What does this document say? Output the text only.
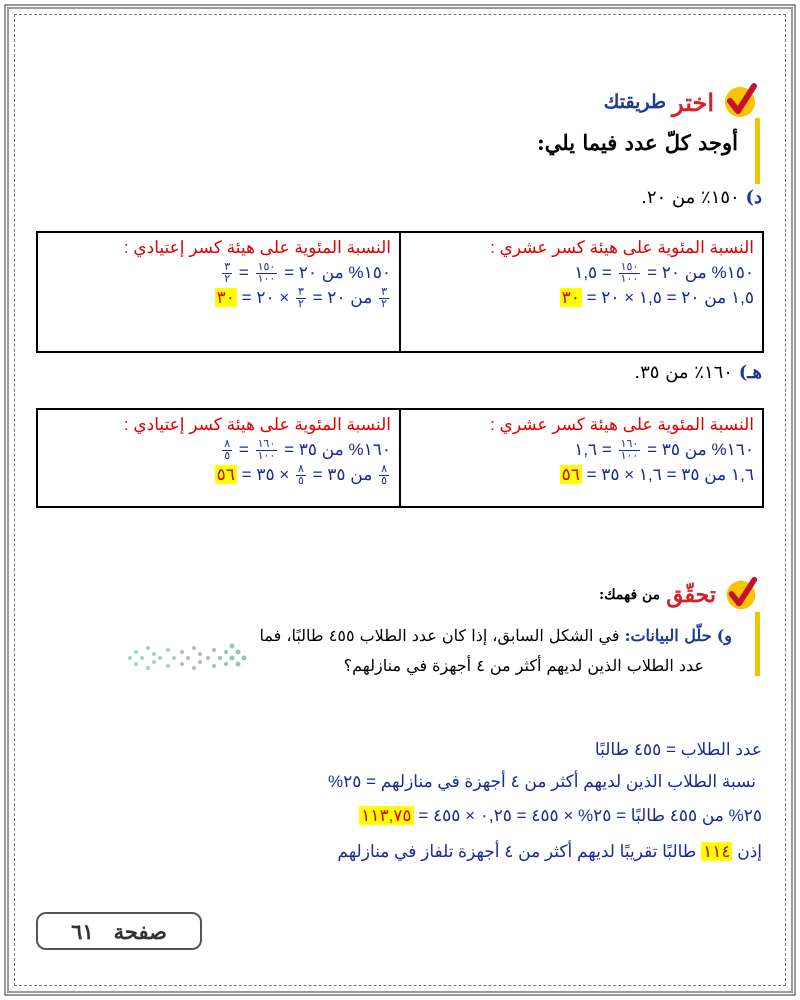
اختر
طريقتك
أوجد كلّ عدد فيما يلي:
د) ١٥٠٪ من ٢٠.
النسبة المئوية على هيئة كسر عشري :
١٥٠% من ٢٠ =
$\frac{١٥٠}{١٠٠}$
= ١,٥
١,٥ من ٢٠ = ١,٥ × ٢٠ = ٣٠

النسبة المئوية على هيئة كسر إعتيادي :
١٥٠% من ٢٠ =
$\frac{١٥٠}{١٠٠}$
=
$\frac{٣}{٢}$
$\frac{٣}{٢}$
من ٢٠ =
$\frac{٣}{٢}$
× ٢٠ = ٣٠
هـ) ١٦٠٪ من ٣٥.
النسبة المئوية على هيئة كسر عشري :
١٦٠% من ٣٥ =
$\frac{١٦٠}{١٠٠}$
= ١,٦
١,٦ من ٣٥ = ١,٦ × ٣٥ = ٥٦

النسبة المئوية على هيئة كسر إعتيادي :
١٦٠% من ٣٥ =
$\frac{١٦٠}{١٠٠}$
=
$\frac{٨}{٥}$
$\frac{٨}{٥}$
من ٣٥ =
$\frac{٨}{٥}$
× ٣٥ = ٥٦
تحقّق
من فهمك:
و) حلّل البيانات: في الشكل السابق، إذا كان عدد الطلاب ٤٥٥ طالبًا، فما
عدد الطلاب الذين لديهم أكثر من ٤ أجهزة في منازلهم؟
عدد الطلاب = ٤٥٥ طالبًا
نسبة الطلاب الذين لديهم أكثر من ٤ أجهزة في منازلهم = ٢٥%
٢٥% من ٤٥٥ طالبًا = ٢٥% × ٤٥٥ = ٠,٢٥ × ٤٥٥ = ١١٣,٧٥
إذن ١١٤ طالبًا تقريبًا لديهم أكثر من ٤ أجهزة تلفاز في منازلهم
صفحة
٦١
